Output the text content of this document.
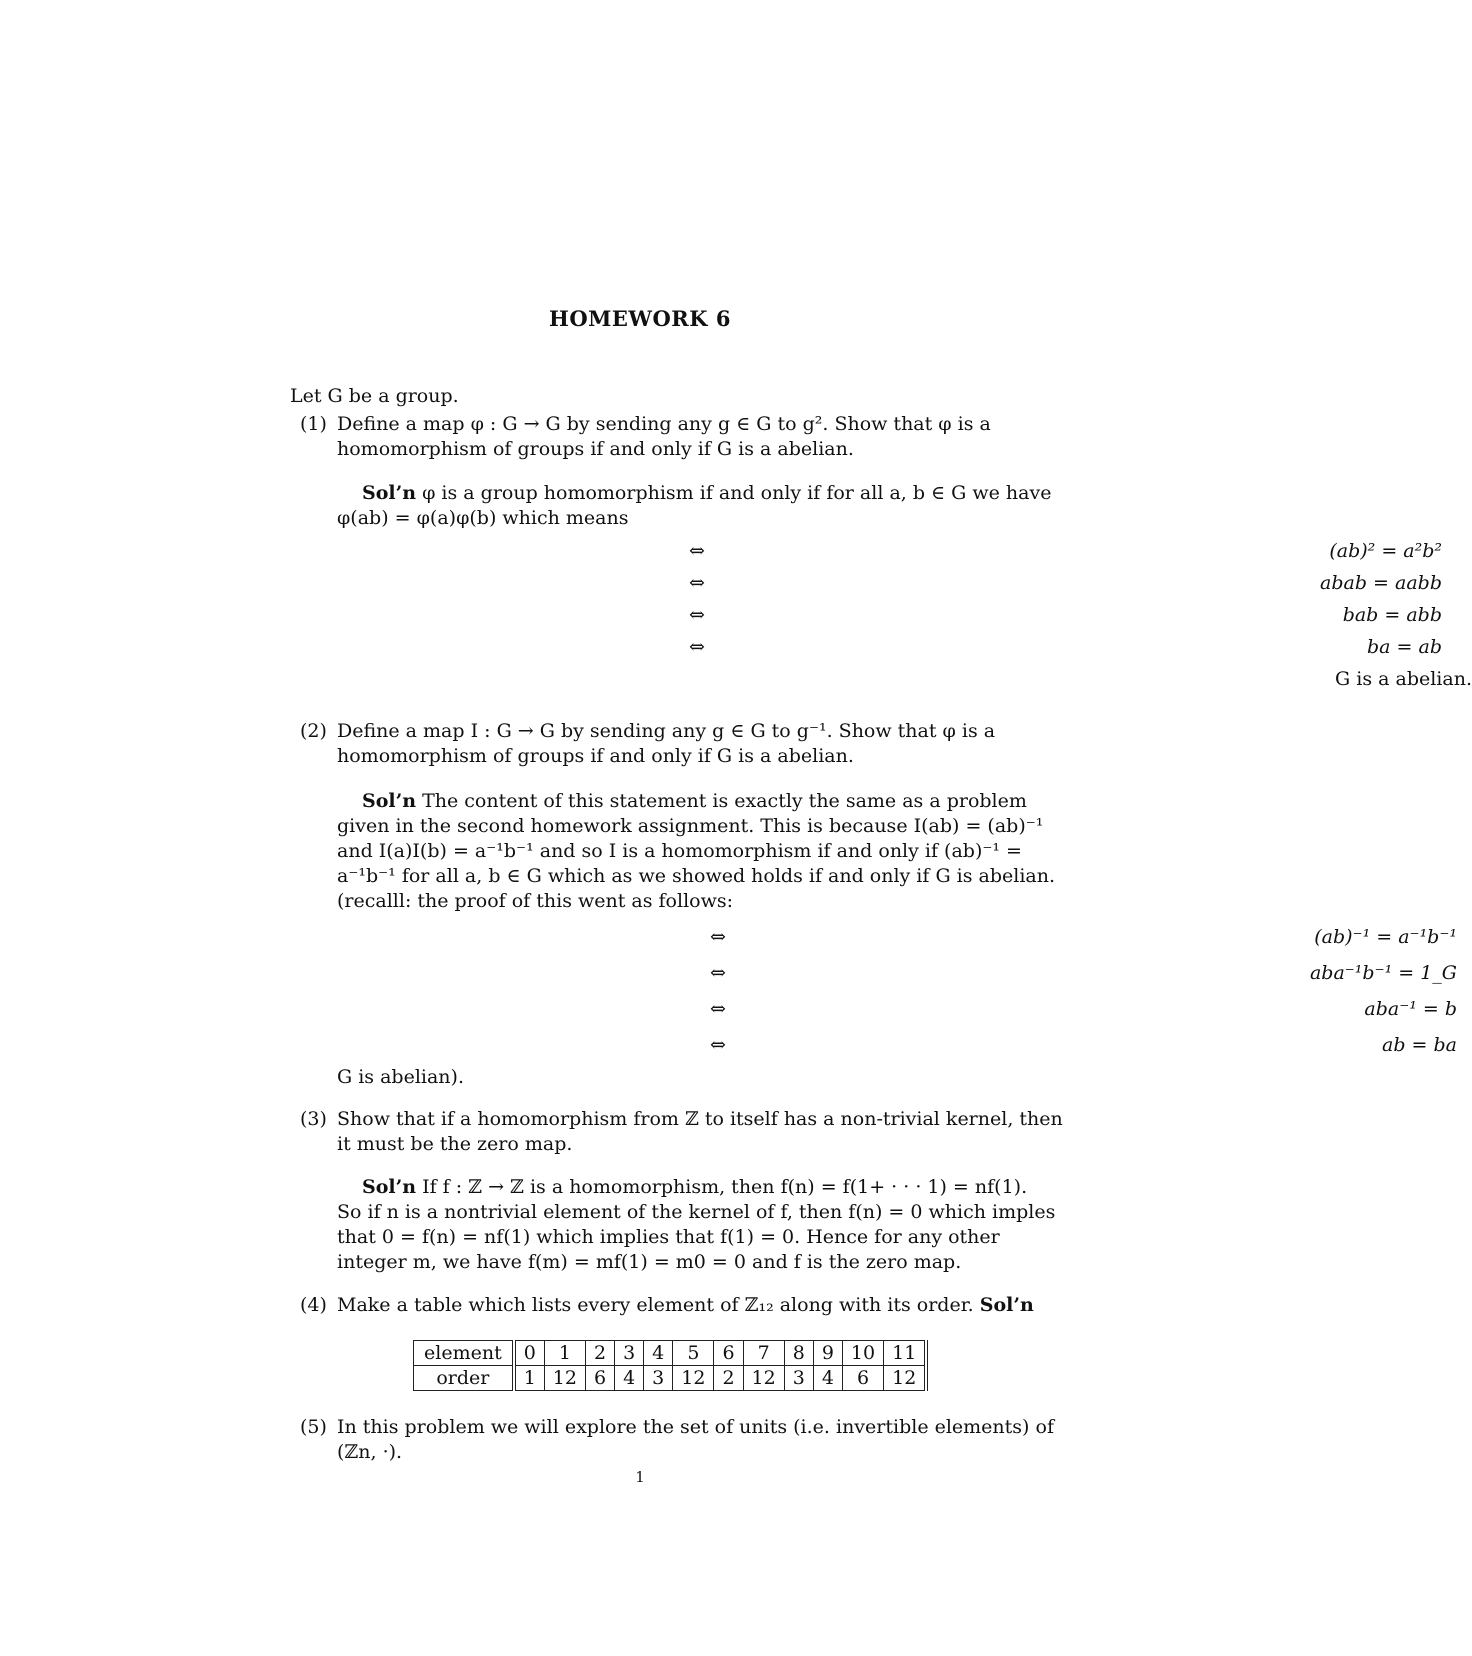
HOMEWORK 6
Let G be a group.
(1) Define a map φ : G → G by sending any g ∈ G to g². Show that φ is a
homomorphism of groups if and only if G is a abelian.
Sol’n φ is a group homomorphism if and only if for all a, b ∈ G we have
φ(ab) = φ(a)φ(b) which means
(ab)² = a²b²
⇔
abab = aabb
⇔
bab = abb
⇔
ba = ab
⇔
G is a abelian.
(2) Define a map I : G → G by sending any g ∈ G to g⁻¹. Show that φ is a
homomorphism of groups if and only if G is a abelian.
Sol’n The content of this statement is exactly the same as a problem
given in the second homework assignment. This is because I(ab) = (ab)⁻¹
and I(a)I(b) = a⁻¹b⁻¹ and so I is a homomorphism if and only if (ab)⁻¹ =
a⁻¹b⁻¹ for all a, b ∈ G which as we showed holds if and only if G is abelian.
(recalll: the proof of this went as follows:
(ab)⁻¹ = a⁻¹b⁻¹
⇔
aba⁻¹b⁻¹ = 1_G
⇔
aba⁻¹ = b
⇔
ab = ba
⇔
G is abelian).
(3) Show that if a homomorphism from ℤ to itself has a non-trivial kernel, then
it must be the zero map.
Sol’n If f : ℤ → ℤ is a homomorphism, then f(n) = f(1+ · · · 1) = nf(1).
So if n is a nontrivial element of the kernel of f, then f(n) = 0 which imples
that 0 = f(n) = nf(1) which implies that f(1) = 0. Hence for any other
integer m, we have f(m) = mf(1) = m0 = 0 and f is the zero map.
(4) Make a table which lists every element of ℤ₁₂ along with its order. Sol’n
element	0	1	2	3	4	5	6	7	8	9	10	11
order	1	12	6	4	3	12	2	12	3	4	6	12
(5) In this problem we will explore the set of units (i.e. invertible elements) of
(ℤn, ·).
1
